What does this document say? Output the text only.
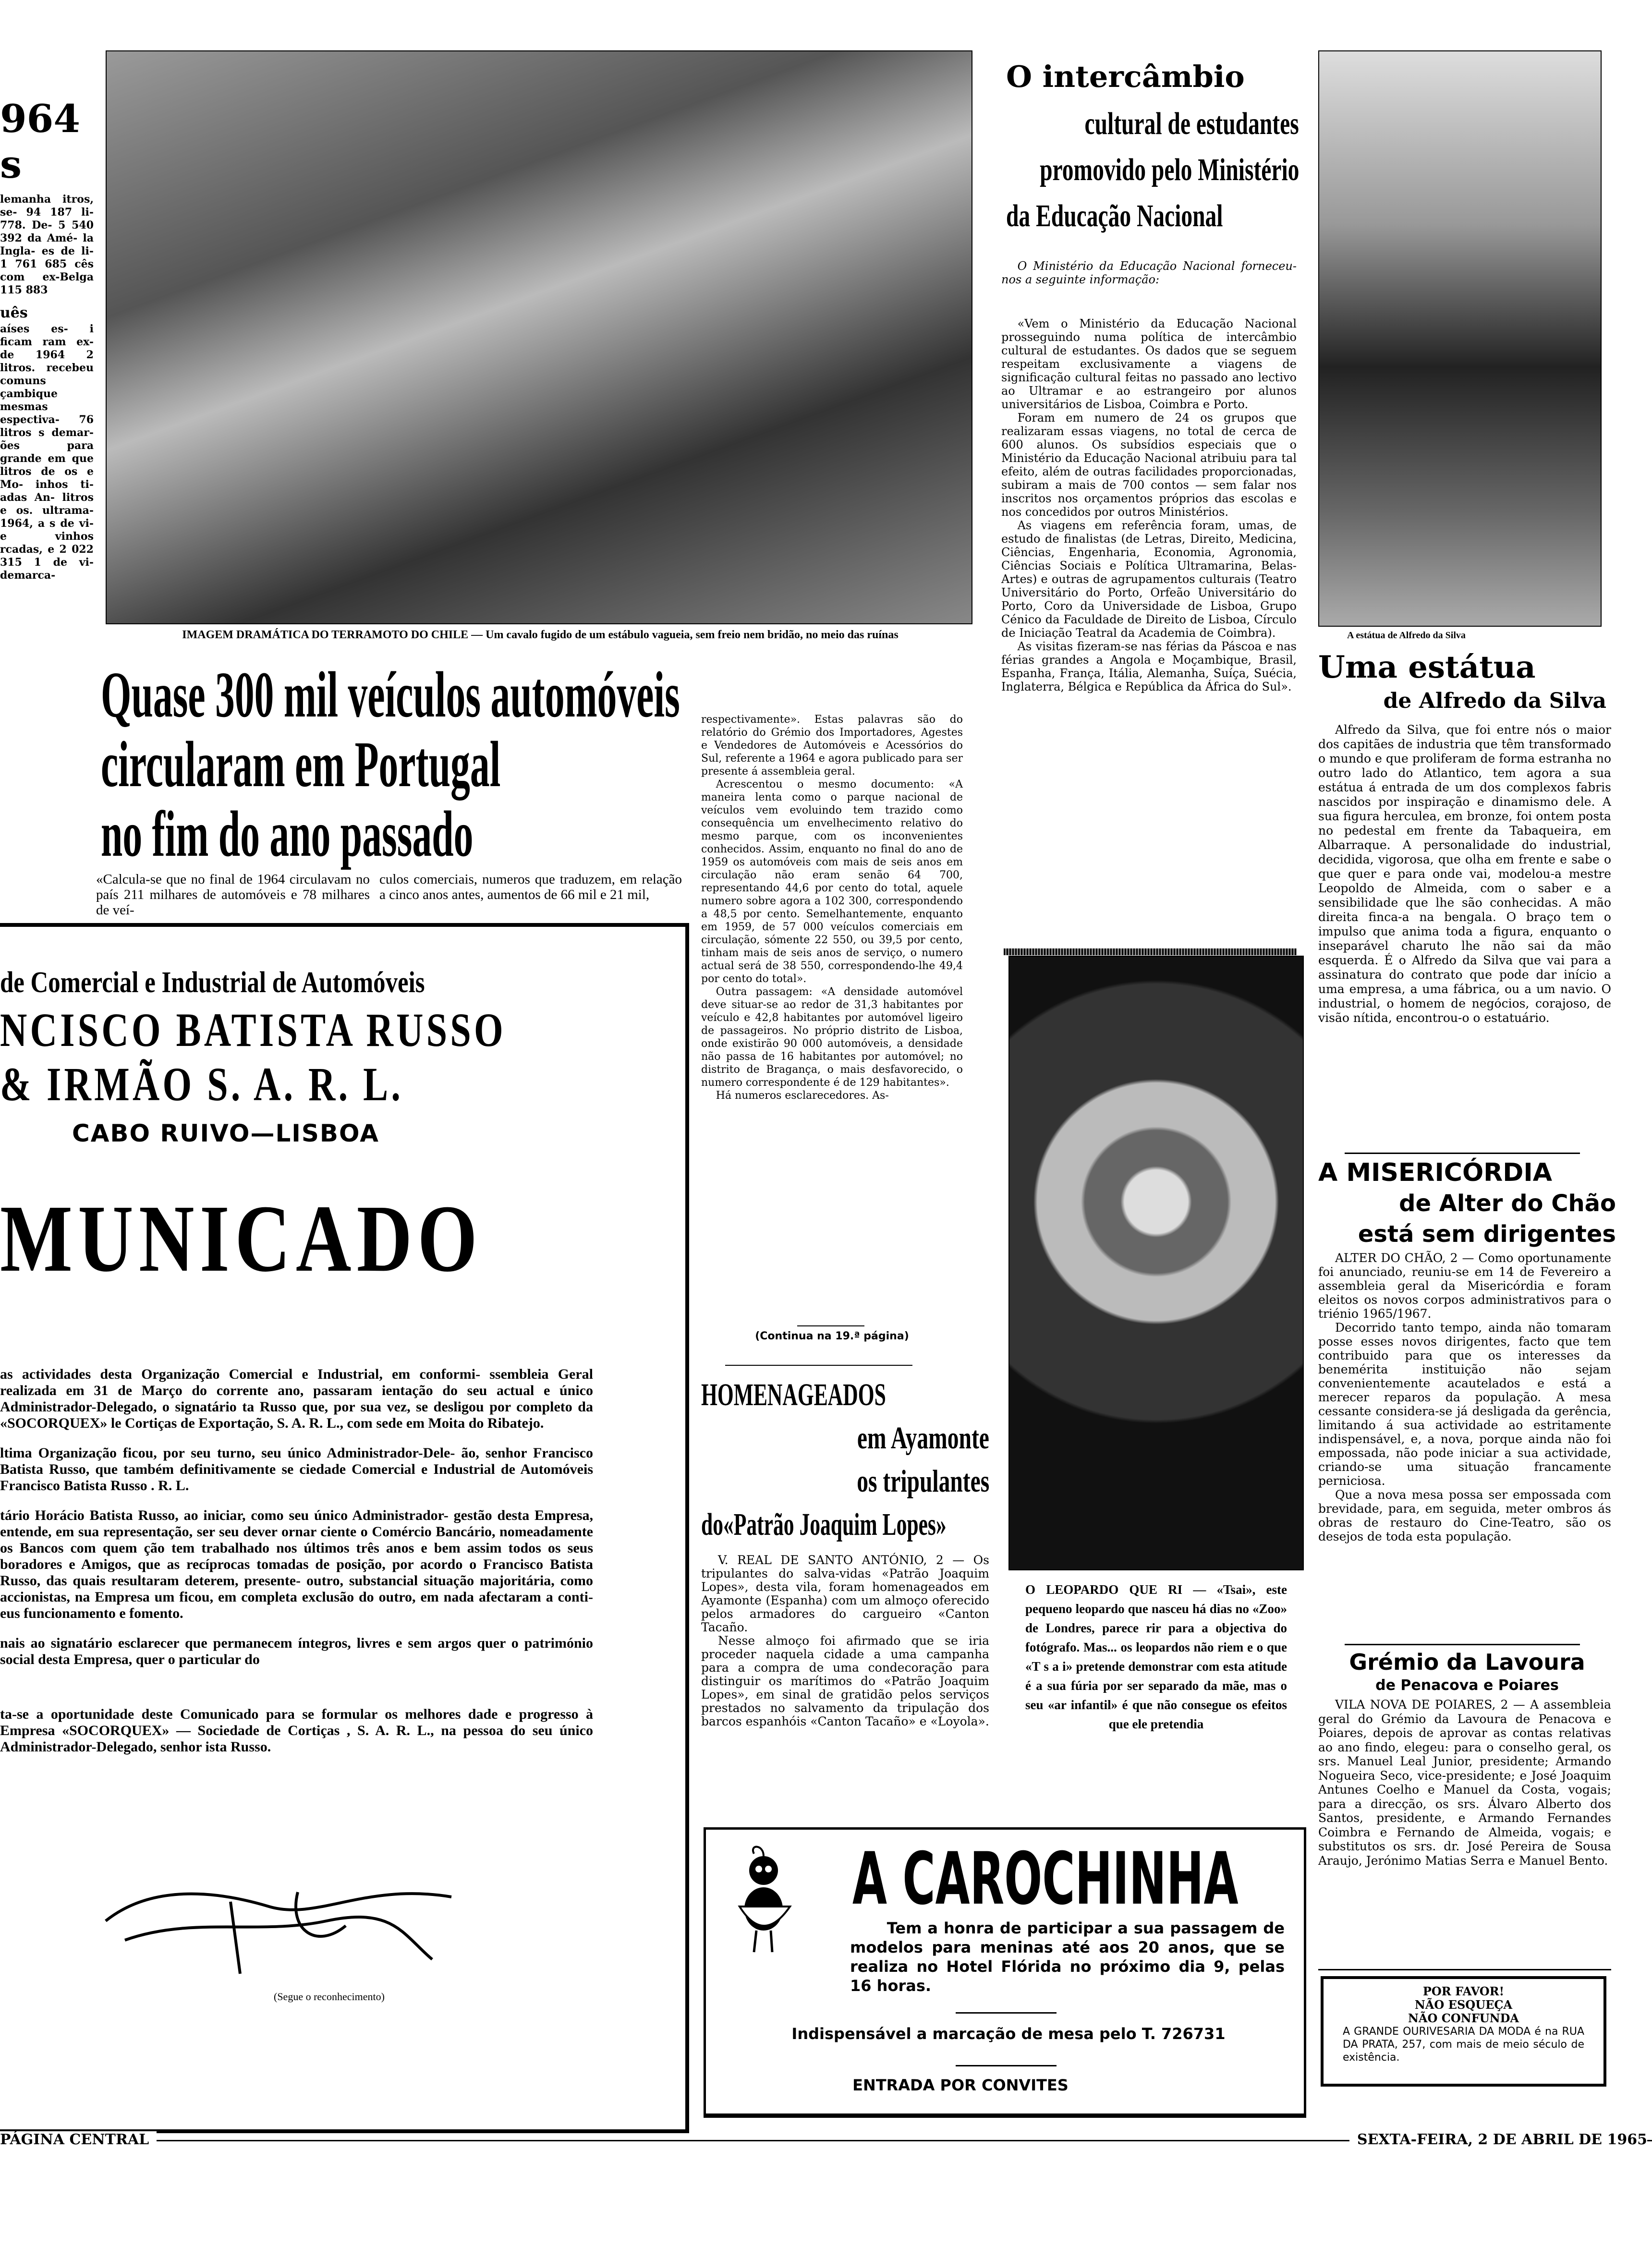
964
s
lemanha itros, se- 94 187 li- 778. De- 5 540 392 da Amé- la Ingla- es de li- 1 761 685 cês com ex-Belga 115 883
uês
aíses es- i ficam ram ex- de 1964 2 litros. recebeu comuns çambique mesmas espectiva- 76 litros s demar- ões para grande em que litros de os e Mo- inhos ti- adas An- litros e os. ultrama- 1964, a s de vi- e vinhos rcadas, e 2 022 315 1 de vi- demarca-
IMAGEM DRAMÁTICA DO TERRAMOTO DO CHILE — Um cavalo fugido de um estábulo vagueia, sem freio nem bridão, no meio das ruínas
Quase 300 mil veículos automóveis
circularam em Portugal
no fim do ano passado
«Calcula-se que no final de 1964 circulavam no país 211 milhares de automóveis e 78 milhares de veí-
culos comerciais, numeros que traduzem, em relação a cinco anos antes, aumentos de 66 mil e 21 mil,

respectivamente». Estas palavras são do relatório do Grémio dos Importadores, Agestes e Vendedores de Automóveis e Acessórios do Sul, referente a 1964 e agora publicado para ser presente á assembleia geral.

Acrescentou o mesmo documento: «A maneira lenta como o parque nacional de veículos vem evoluindo tem trazido como consequência um envelhecimento relativo do mesmo parque, com os inconvenientes conhecidos. Assim, enquanto no final do ano de 1959 os automóveis com mais de seis anos em circulação não eram senão 64 700, representando 44,6 por cento do total, aquele numero sobre agora a 102 300, correspondendo a 48,5 por cento. Semelhantemente, enquanto em 1959, de 57 000 veículos comerciais em circulação, sómente 22 550, ou 39,5 por cento, tinham mais de seis anos de serviço, o numero actual será de 38 550, correspondendo-lhe 49,4 por cento do total».

Outra passagem: «A densidade automóvel deve situar-se ao redor de 31,3 habitantes por veículo e 42,8 habitantes por automóvel ligeiro de passageiros. No próprio distrito de Lisboa, onde existirão 90 000 automóveis, a densidade não passa de 16 habitantes por automóvel; no distrito de Bragança, o mais desfavorecido, o numero correspondente é de 129 habitantes».

Há numeros esclarecedores. As-

(Continua na 19.ª página)
de Comercial e Industrial de Automóveis
NCISCO BATISTA RUSSO
& IRMÃO S. A. R. L.
CABO RUIVO—LISBOA
MUNICADO

as actividades desta Organização Comercial e Industrial, em conformi- ssembleia Geral realizada em 31 de Março do corrente ano, passaram ientação do seu actual e único Administrador-Delegado, o signatário ta Russo que, por sua vez, se desligou por completo da «SOCORQUEX» le Cortiças de Exportação, S. A. R. L., com sede em Moita do Ribatejo.

ltima Organização ficou, por seu turno, seu único Administrador-Dele- ão, senhor Francisco Batista Russo, que também definitivamente se ciedade Comercial e Industrial de Automóveis Francisco Batista Russo . R. L.

tário Horácio Batista Russo, ao iniciar, como seu único Administrador- gestão desta Empresa, entende, em sua representação, ser seu dever ornar ciente o Comércio Bancário, nomeadamente os Bancos com quem ção tem trabalhado nos últimos três anos e bem assim todos os seus boradores e Amigos, que as recíprocas tomadas de posição, por acordo o Francisco Batista Russo, das quais resultaram deterem, presente- outro, substancial situação majoritária, como accionistas, na Empresa um ficou, em completa exclusão do outro, em nada afectaram a conti- eus funcionamento e fomento.

nais ao signatário esclarecer que permanecem íntegros, livres e sem argos quer o património social desta Empresa, quer o particular do

ta-se a oportunidade deste Comunicado para se formular os melhores dade e progresso à Empresa «SOCORQUEX» — Sociedade de Cortiças , S. A. R. L., na pessoa do seu único Administrador-Delegado, senhor ista Russo.

(Segue o reconhecimento)
O intercâmbio
cultural de estudantes
promovido pelo Ministério
da Educação Nacional
O Ministério da Educação Nacional forneceu-nos a seguinte informação:

«Vem o Ministério da Educação Nacional prosseguindo numa política de intercâmbio cultural de estudantes. Os dados que se seguem respeitam exclusivamente a viagens de significação cultural feitas no passado ano lectivo ao Ultramar e ao estrangeiro por alunos universitários de Lisboa, Coimbra e Porto.

Foram em numero de 24 os grupos que realizaram essas viagens, no total de cerca de 600 alunos. Os subsídios especiais que o Ministério da Educação Nacional atribuiu para tal efeito, além de outras facilidades proporcionadas, subiram a mais de 700 contos — sem falar nos inscritos nos orçamentos próprios das escolas e nos concedidos por outros Ministérios.

As viagens em referência foram, umas, de estudo de finalistas (de Letras, Direito, Medicina, Ciências, Engenharia, Economia, Agronomia, Ciências Sociais e Política Ultramarina, Belas-Artes) e outras de agrupamentos culturais (Teatro Universitário do Porto, Orfeão Universitário do Porto, Coro da Universidade de Lisboa, Grupo Cénico da Faculdade de Direito de Lisboa, Círculo de Iniciação Teatral da Academia de Coimbra).

As visitas fizeram-se nas férias da Páscoa e nas férias grandes a Angola e Moçambique, Brasil, Espanha, França, Itália, Alemanha, Suíça, Suécia, Inglaterra, Bélgica e República da África do Sul».

A estátua de Alfredo da Silva
Uma estátua
de Alfredo da Silva

Alfredo da Silva, que foi entre nós o maior dos capitães de industria que têm transformado o mundo e que proliferam de forma estranha no outro lado do Atlantico, tem agora a sua estátua á entrada de um dos complexos fabris nascidos por inspiração e dinamismo dele. A sua figura herculea, em bronze, foi ontem posta no pedestal em frente da Tabaqueira, em Albarraque. A personalidade do industrial, decidida, vigorosa, que olha em frente e sabe o que quer e para onde vai, modelou-a mestre Leopoldo de Almeida, com o saber e a sensibilidade que lhe são conhecidas. A mão direita finca-a na bengala. O braço tem o impulso que anima toda a figura, enquanto o inseparável charuto lhe não sai da mão esquerda. É o Alfredo da Silva que vai para a assinatura do contrato que pode dar início a uma empresa, a uma fábrica, ou a um navio. O industrial, o homem de negócios, corajoso, de visão nítida, encontrou-o o estatuário.

A MISERICÓRDIA
de Alter do Chão
está sem dirigentes

ALTER DO CHÃO, 2 — Como oportunamente foi anunciado, reuniu-se em 14 de Fevereiro a assembleia geral da Misericórdia e foram eleitos os novos corpos administrativos para o triénio 1965/1967.

Decorrido tanto tempo, ainda não tomaram posse esses novos dirigentes, facto que tem contribuido para que os interesses da benemérita instituição não sejam convenientemente acautelados e está a merecer reparos da população. A mesa cessante considera-se já desligada da gerência, limitando á sua actividade ao estritamente indispensável, e, a nova, porque ainda não foi empossada, não pode iniciar a sua actividade, criando-se uma situação francamente perniciosa.

Que a nova mesa possa ser empossada com brevidade, para, em seguida, meter ombros ás obras de restauro do Cine-Teatro, são os desejos de toda esta população.

Grémio da Lavoura
de Penacova e Poiares

VILA NOVA DE POIARES, 2 — A assembleia geral do Grémio da Lavoura de Penacova e Poiares, depois de aprovar as contas relativas ao ano findo, elegeu: para o conselho geral, os srs. Manuel Leal Junior, presidente; Armando Nogueira Seco, vice-presidente; e José Joaquim Antunes Coelho e Manuel da Costa, vogais; para a direcção, os srs. Álvaro Alberto dos Santos, presidente, e Armando Fernandes Coimbra e Fernando de Almeida, vogais; e substitutos os srs. dr. José Pereira de Sousa Araujo, Jerónimo Matias Serra e Manuel Bento.

POR FAVOR!
NÃO ESQUEÇA
NÃO CONFUNDA
A GRANDE OURIVESARIA DA MODA é na RUA DA PRATA, 257, com mais de meio século de existência.
O LEOPARDO QUE RI — «Tsai», este pequeno leopardo que nasceu há dias no «Zoo» de Londres, parece rir para a objectiva do fotógrafo. Mas... os leopardos não riem e o que «T s a i» pretende demonstrar com esta atitude é a sua fúria por ser separado da mãe, mas o seu «ar infantil» é que não consegue os efeitos que ele pretendia
HOMENAGEADOS
em Ayamonte
os tripulantes
do«Patrão Joaquim Lopes»

V. REAL DE SANTO ANTÓNIO, 2 — Os tripulantes do salva-vidas «Patrão Joaquim Lopes», desta vila, foram homenageados em Ayamonte (Espanha) com um almoço oferecido pelos armadores do cargueiro «Canton Tacaño.

Nesse almoço foi afirmado que se iria proceder naquela cidade a uma campanha para a compra de uma condecoração para distinguir os marítimos do «Patrão Joaquim Lopes», em sinal de gratidão pelos serviços prestados no salvamento da tripulação dos barcos espanhóis «Canton Tacaño» e «Loyola».

A CAROCHINHA
Tem a honra de participar a sua passagem de modelos para meninas até aos 20 anos, que se realiza no Hotel Flórida no próximo dia 9, pelas 16 horas.
Indispensável a marcação de mesa pelo T. 726731
ENTRADA POR CONVITES
PÁGINA CENTRAL	SEXTA-FEIRA, 2 DE ABRIL DE 1965
